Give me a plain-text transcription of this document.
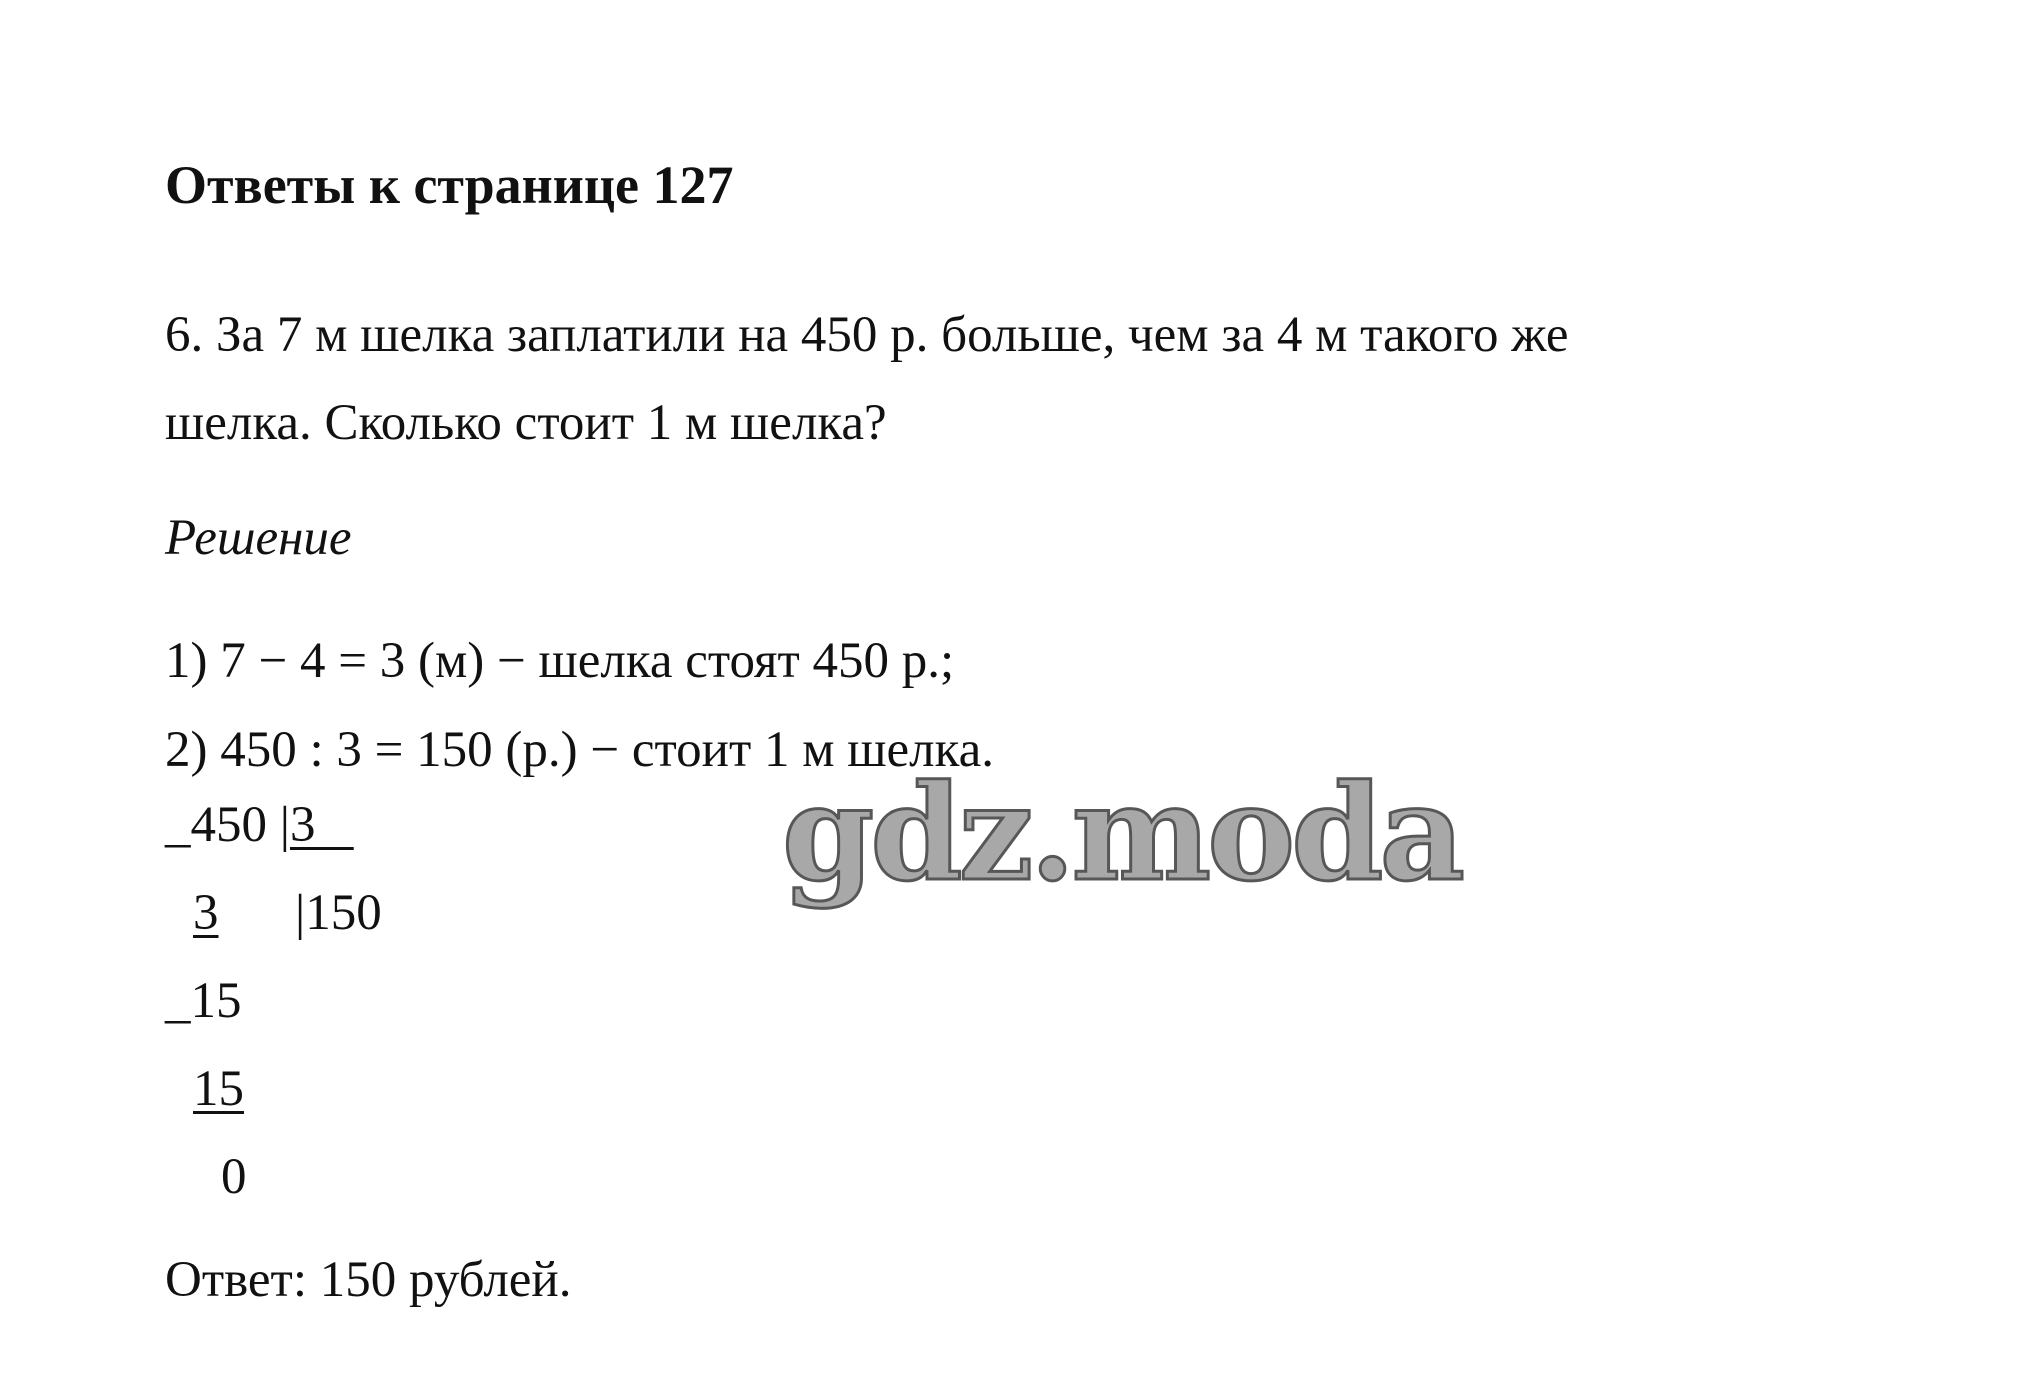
Ответы к странице 127

6. За 7 м шелка заплатили на 450 р. больше, чем за 4 м такого же

шелка. Сколько стоит 1 м шелка?

Решение

1) 7 − 4 = 3 (м) − шелка стоят 450 р.;

2) 450 : 3 = 150 (р.) − стоит 1 м шелка.

_450 |3
3 |150
_15
15
0

Ответ: 150 рублей.

gdz.moda
